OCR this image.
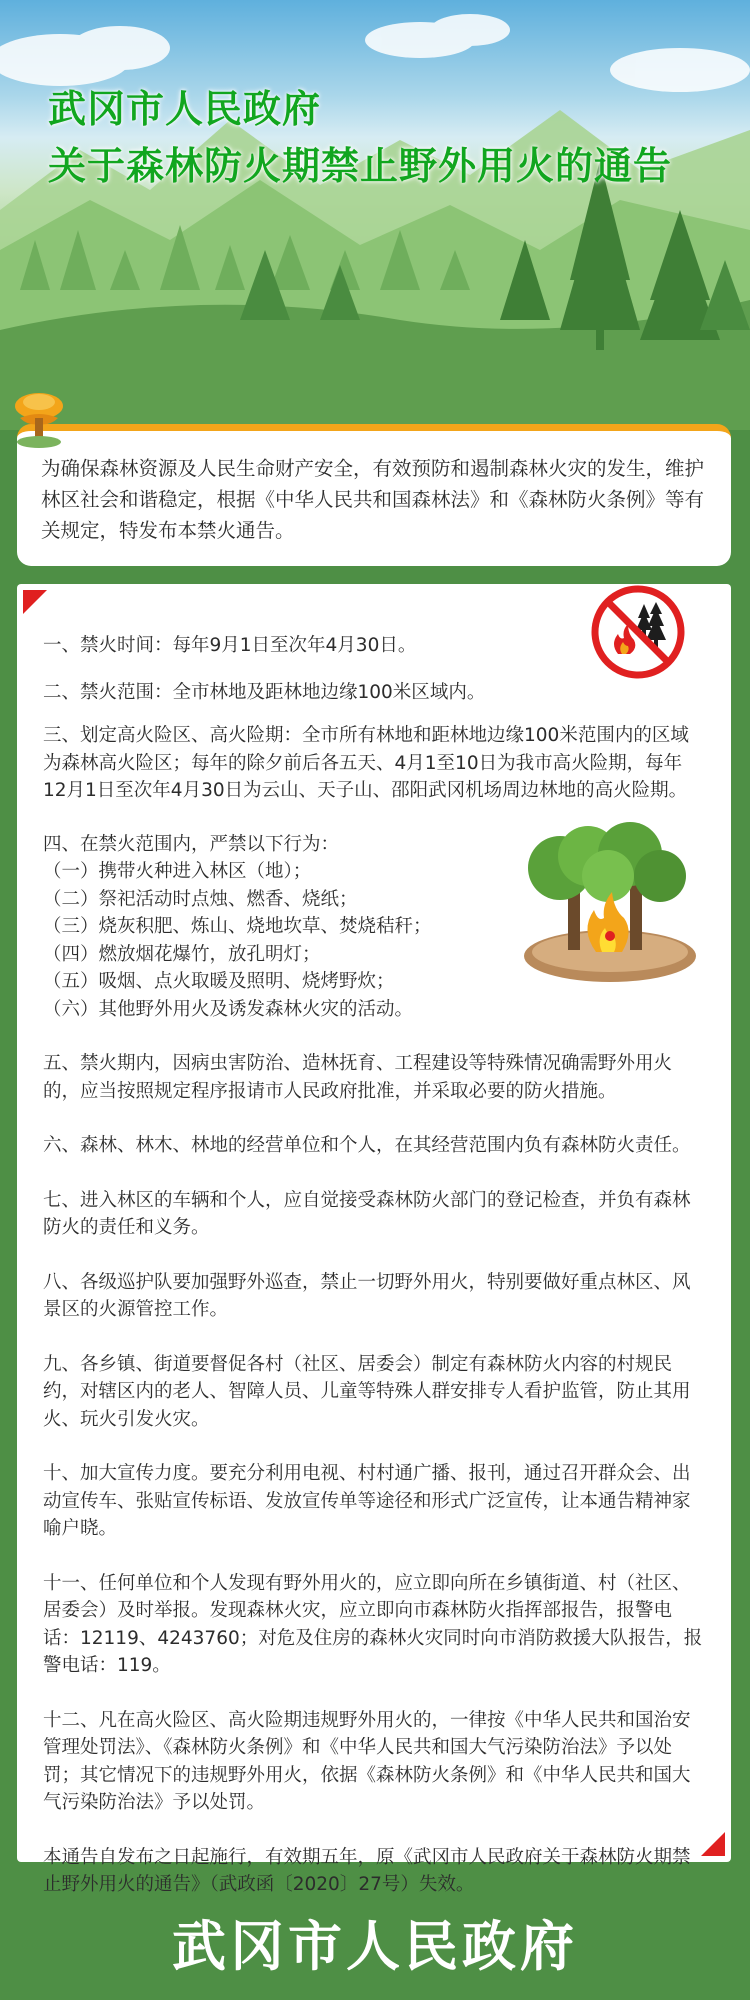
武冈市人民政府
关于森林防火期禁止野外用火的通告

为确保森林资源及人民生命财产安全，有效预防和遏制森林火灾的发生，维护林区社会和谐稳定，根据《中华人民共和国森林法》和《森林防火条例》等有关规定，特发布本禁火通告。

一、禁火时间：每年9月1日至次年4月30日。

二、禁火范围：全市林地及距林地边缘100米区域内。

三、划定高火险区、高火险期：全市所有林地和距林地边缘100米范围内的区域为森林高火险区；每年的除夕前后各五天、4月1至10日为我市高火险期，每年12月1日至次年4月30日为云山、天子山、邵阳武冈机场周边林地的高火险期。

四、在禁火范围内，严禁以下行为：
（一）携带火种进入林区（地）；
（二）祭祀活动时点烛、燃香、烧纸；
（三）烧灰积肥、炼山、烧地坎草、焚烧秸秆；
（四）燃放烟花爆竹，放孔明灯；
（五）吸烟、点火取暖及照明、烧烤野炊；
（六）其他野外用火及诱发森林火灾的活动。

五、禁火期内，因病虫害防治、造林抚育、工程建设等特殊情况确需野外用火的，应当按照规定程序报请市人民政府批准，并采取必要的防火措施。

六、森林、林木、林地的经营单位和个人，在其经营范围内负有森林防火责任。

七、进入林区的车辆和个人，应自觉接受森林防火部门的登记检查，并负有森林防火的责任和义务。

八、各级巡护队要加强野外巡查，禁止一切野外用火，特别要做好重点林区、风景区的火源管控工作。

九、各乡镇、街道要督促各村（社区、居委会）制定有森林防火内容的村规民约，对辖区内的老人、智障人员、儿童等特殊人群安排专人看护监管，防止其用火、玩火引发火灾。

十、加大宣传力度。要充分利用电视、村村通广播、报刊，通过召开群众会、出动宣传车、张贴宣传标语、发放宣传单等途径和形式广泛宣传，让本通告精神家喻户晓。

十一、任何单位和个人发现有野外用火的，应立即向所在乡镇街道、村（社区、居委会）及时举报。发现森林火灾，应立即向市森林防火指挥部报告，报警电话：12119、4243760；对危及住房的森林火灾同时向市消防救援大队报告，报警电话：119。

十二、凡在高火险区、高火险期违规野外用火的，一律按《中华人民共和国治安管理处罚法》、《森林防火条例》和《中华人民共和国大气污染防治法》予以处罚；其它情况下的违规野外用火，依据《森林防火条例》和《中华人民共和国大气污染防治法》予以处罚。

本通告自发布之日起施行，有效期五年，原《武冈市人民政府关于森林防火期禁止野外用火的通告》（武政函〔2020〕27号）失效。

武冈市人民政府
